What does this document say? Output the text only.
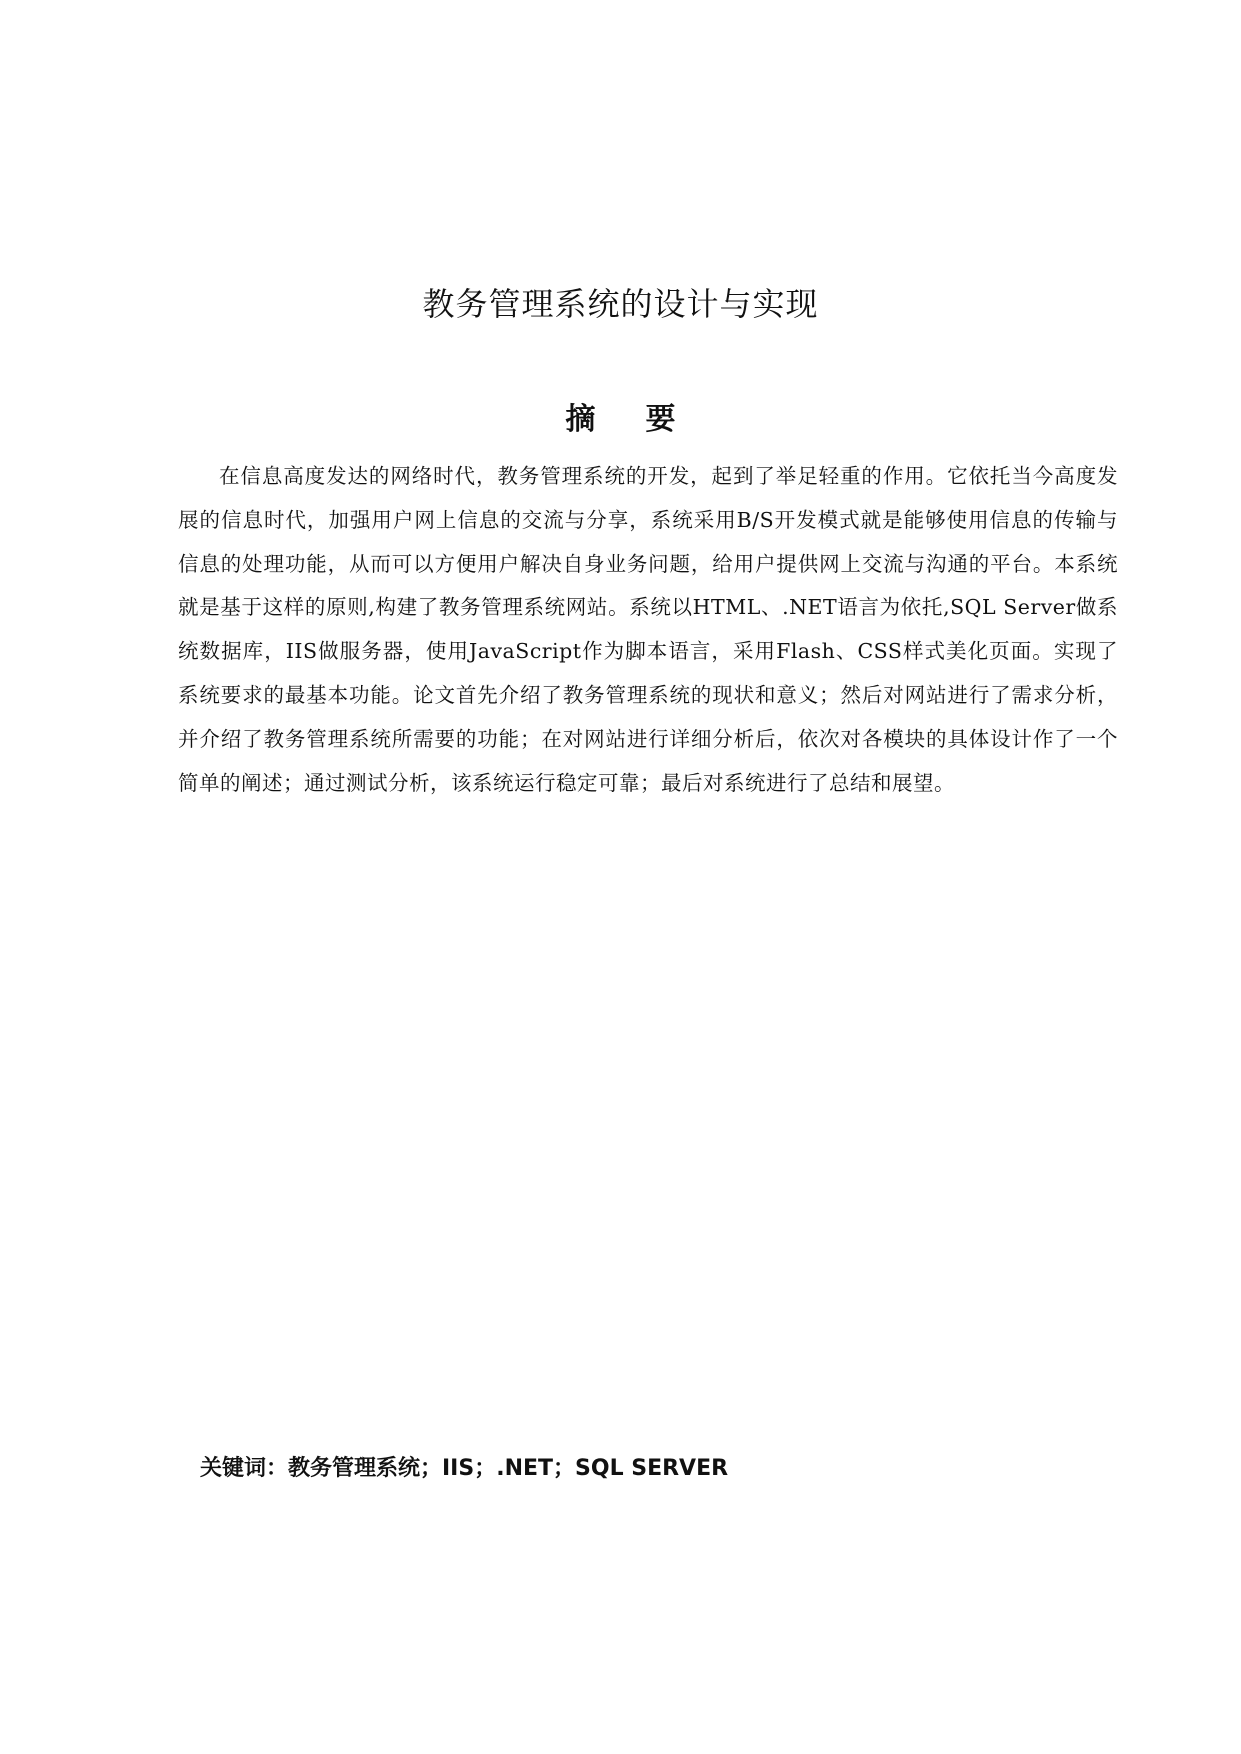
教务管理系统的设计与实现
摘要
在信息高度发达的网络时代，教务管理系统的开发，起到了举足轻重的作用。它依托当今高度发展的信息时代，加强用户网上信息的交流与分享，系统采用B/S开发模式就是能够使用信息的传输与信息的处理功能，从而可以方便用户解决自身业务问题，给用户提供网上交流与沟通的平台。本系统就是基于这样的原则,构建了教务管理系统网站。系统以HTML、.NET语言为依托,SQL Server做系统数据库，IIS做服务器，使用JavaScript作为脚本语言，采用Flash、CSS样式美化页面。实现了系统要求的最基本功能。论文首先介绍了教务管理系统的现状和意义；然后对网站进行了需求分析，并介绍了教务管理系统所需要的功能；在对网站进行详细分析后，依次对各模块的具体设计作了一个简单的阐述；通过测试分析，该系统运行稳定可靠；最后对系统进行了总结和展望。
关键词：教务管理系统；IIS；.NET；SQL SERVER
